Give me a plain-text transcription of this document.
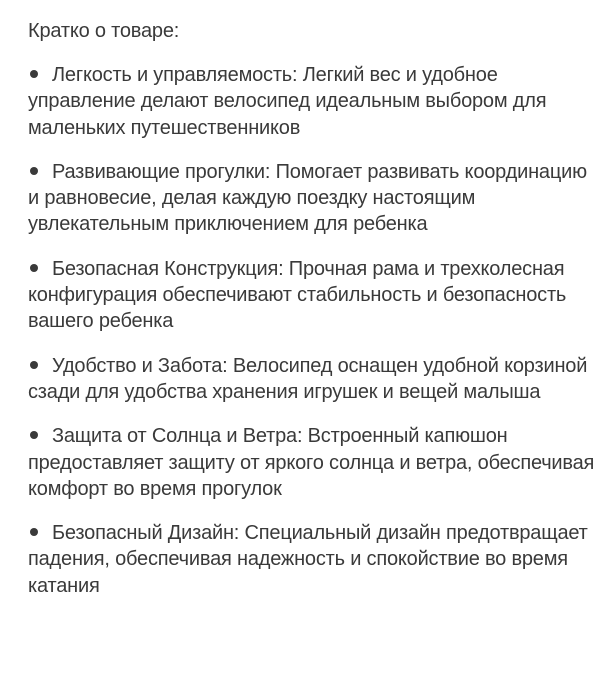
Кратко о товаре:
Легкость и управляемость: Легкий вес и удобное управление делают велосипед идеальным выбором для маленьких путешественников
Развивающие прогулки: Помогает развивать координацию и равновесие, делая каждую поездку настоящим увлекательным приключением для ребенка
Безопасная Конструкция: Прочная рама и трехколесная конфигурация обеспечивают стабильность и безопасность вашего ребенка
Удобство и Забота: Велосипед оснащен удобной корзиной сзади для удобства хранения игрушек и вещей малыша
Защита от Солнца и Ветра: Встроенный капюшон предоставляет защиту от яркого солнца и ветра, обеспечивая комфорт во время прогулок
Безопасный Дизайн: Специальный дизайн предотвращает падения, обеспечивая надежность и спокойствие во время катания
